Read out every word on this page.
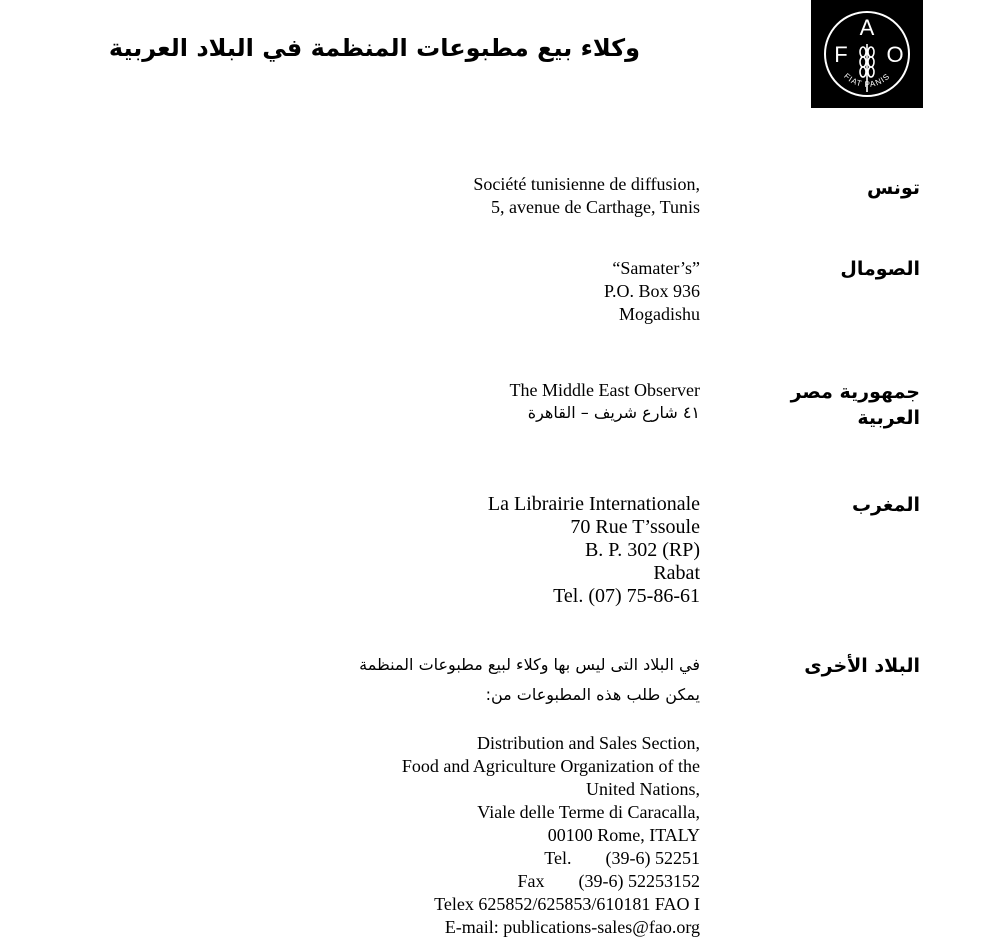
وكلاء بيع مطبوعات المنظمة في البلاد العربية
A
F O
FIAT PANIS
تونس
Société tunisienne de diffusion,
5, avenue de Carthage, Tunis
الصومال
“Samater’s”
P.O. Box 936
Mogadishu
جمهورية مصر
العربية
The Middle East Observer
٤١ شارع شريف – القاهرة
المغرب
La Librairie Internationale
70 Rue T’ssoule
B. P. 302 (RP)
Rabat
Tel. (07) 75-86-61
البلاد الأخرى
في البلاد التى ليس بها وكلاء لبيع مطبوعات المنظمة
يمكن طلب هذه المطبوعات من:
Distribution and Sales Section,
Food and Agriculture Organization of the
United Nations,
Viale delle Terme di Caracalla,
00100 Rome, ITALY
Tel. (39-6) 52251
Fax (39-6) 52253152
Telex 625852/625853/610181 FAO I
E-mail: publications-sales@fao.org
